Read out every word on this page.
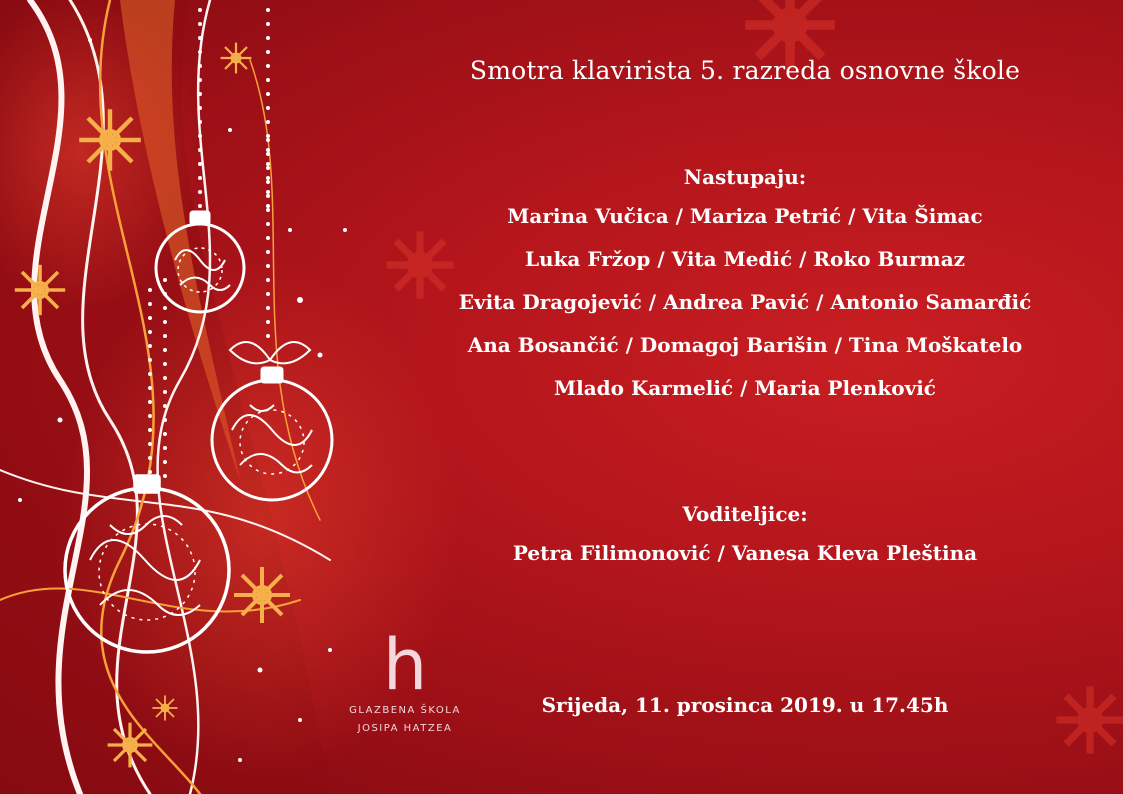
Smotra klavirista 5. razreda osnovne škole
Nastupaju:
Marina Vučica / Mariza Petrić / Vita Šimac
Luka Fržop / Vita Medić / Roko Burmaz
Evita Dragojević / Andrea Pavić / Antonio Samarđić
Ana Bosančić / Domagoj Barišin / Tina Moškatelo
Mlado Karmelić / Maria Plenković
Voditeljice:
Petra Filimonović / Vanesa Kleva Pleština
Srijeda, 11. prosinca 2019. u 17.45h
h
GLAZBENA ŠKOLA
JOSIPA HATZEA
